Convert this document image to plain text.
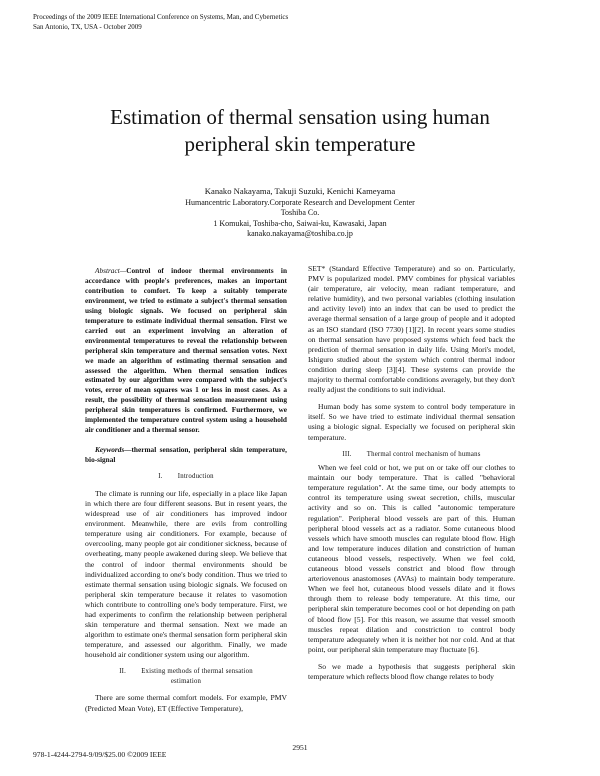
Proceedings of the 2009 IEEE International Conference on Systems, Man, and Cybernetics
San Antonio, TX, USA - October 2009
Estimation of thermal sensation using human
peripheral skin temperature
Kanako Nakayama, Takuji Suzuki, Kenichi Kameyama
Humancentric Laboratory.Corporate Research and Development Center
Toshiba Co.
1 Komukai, Toshiba-cho, Saiwai-ku, Kawasaki, Japan
kanako.nakayama@toshiba.co.jp

Abstract—Control of indoor thermal environments in accordance with people's preferences, makes an important contribution to comfort. To keep a suitably temperate environment, we tried to estimate a subject's thermal sensation using biologic signals. We focused on peripheral skin temperature to estimate individual thermal sensation. First we carried out an experiment involving an alteration of environmental temperatures to reveal the relationship between peripheral skin temperature and thermal sensation votes. Next we made an algorithm of estimating thermal sensation and assessed the algorithm. When thermal sensation indices estimated by our algorithm were compared with the subject's votes, error of mean squares was 1 or less in most cases. As a result, the possibility of thermal sensation measurement using peripheral skin temperatures is confirmed. Furthermore, we implemented the temperature control system using a household air conditioner and a thermal sensor.

Keywords—thermal sensation, peripheral skin temperature, bio-signal

I.        Introduction

The climate is running our life, especially in a place like Japan in which there are four different seasons. But in resent years, the widespread use of air conditioners has improved indoor environment. Meanwhile, there are evils from controlling temperature using air conditioners. For example, because of overcooling, many people got air conditioner sickness, because of overheating, many people awakened during sleep. We believe that the control of indoor thermal environments should be individualized according to one's body condition. Thus we tried to estimate thermal sensation using biologic signals. We focused on peripheral skin temperature because it relates to vasomotion which contribute to controlling one's body temperature. First, we had experiments to confirm the relationship between peripheral skin temperature and thermal sensation. Next we made an algorithm to estimate one's thermal sensation form peripheral skin temperature, and assessed our algorithm. Finally, we made household air conditioner system using our algorithm.

II.        Existing methods of thermal sensation

estimation

There are some thermal comfort models. For example, PMV (Predicted Mean Vote), ET (Effective Temperature),

SET* (Standard Effective Temperature) and so on. Particularly, PMV is popularized model. PMV combines for physical variables (air temperature, air velocity, mean radiant temperature, and relative humidity), and two personal variables (clothing insulation and activity level) into an index that can be used to predict the average thermal sensation of a large group of people and it adopted as an ISO standard (ISO 7730) [1][2]. In recent years some studies on thermal sensation have proposed systems which feed back the prediction of thermal sensation in daily life. Using Mori's model, Ishiguro studied about the system which control thermal indoor condition during sleep [3][4]. These systems can provide the majority to thermal comfortable conditions averagely, but they don't really adjust the conditions to suit individual.

Human body has some system to control body temperature in itself. So we have tried to estimate individual thermal sensation using a biologic signal. Especially we focused on peripheral skin temperature.

III.        Thermal control mechanism of humans

When we feel cold or hot, we put on or take off our clothes to maintain our body temperature. That is called "behavioral temperature regulation". At the same time, our body attempts to control its temperature using sweat secretion, chills, muscular activity and so on. This is called "autonomic temperature regulation". Peripheral blood vessels are part of this. Human peripheral blood vessels act as a radiator. Some cutaneous blood vessels which have smooth muscles can regulate blood flow. High and low temperature induces dilation and constriction of human cutaneous blood vessels, respectively. When we feel cold, cutaneous blood vessels constrict and blood flow through arteriovenous anastomoses (AVAs) to maintain body temperature. When we feel hot, cutaneous blood vessels dilate and it flows through them to release body temperature. At this time, our peripheral skin temperature becomes cool or hot depending on path of blood flow [5]. For this reason, we assume that vessel smooth muscles repeat dilation and constriction to control body temperature adequately when it is neither hot nor cold. And at that point, our peripheral skin temperature may fluctuate [6].

So we made a hypothesis that suggests peripheral skin temperature which reflects blood flow change relates to body

2951
978-1-4244-2794-9/09/$25.00 ©2009 IEEE
